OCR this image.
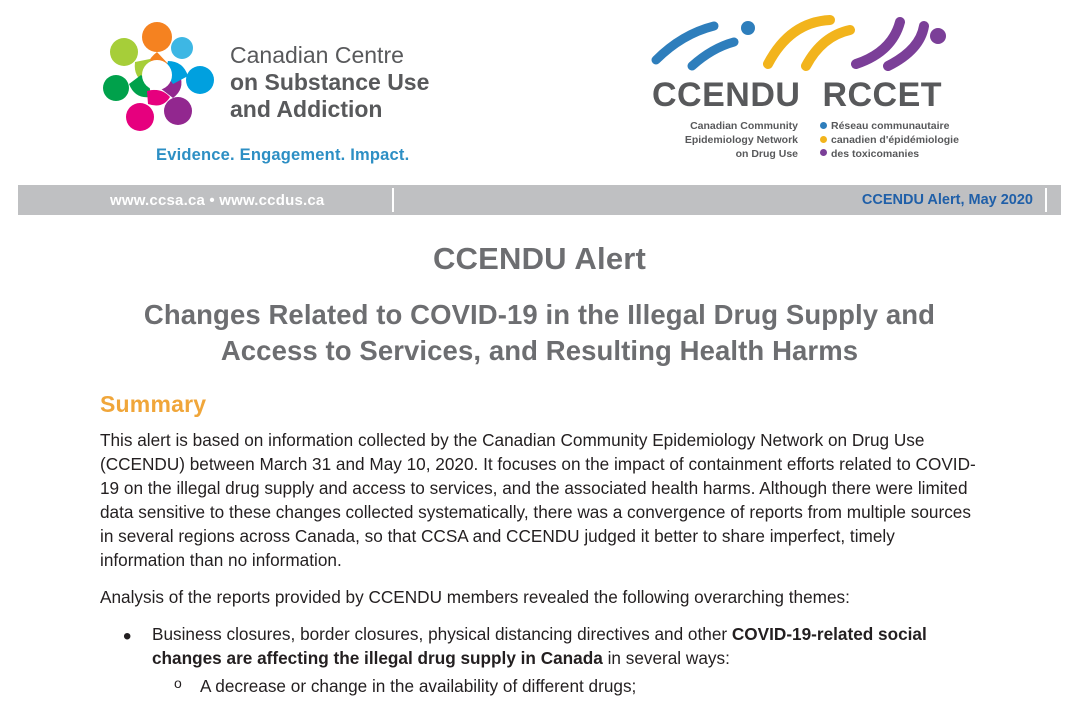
Canadian Centre
on Substance Use
and Addiction
Evidence. Engagement. Impact.
CCENDU RCCET
Canadian Community
Epidemiology Network
on Drug Use
Réseau communautaire
canadien d'épidémiologie
des toxicomanies
www.ccsa.ca • www.ccdus.ca	CCENDU Alert, May 2020
CCENDU Alert
Changes Related to COVID-19 in the Illegal Drug Supply and
Access to Services, and Resulting Health Harms
Summary

This alert is based on information collected by the Canadian Community Epidemiology Network on Drug Use (CCENDU) between March 31 and May 10, 2020. It focuses on the impact of containment efforts related to COVID-19 on the illegal drug supply and access to services, and the associated health harms. Although there were limited data sensitive to these changes collected systematically, there was a convergence of reports from multiple sources in several regions across Canada, so that CCSA and CCENDU judged it better to share imperfect, timely information than no information.

Analysis of the reports provided by CCENDU members revealed the following overarching themes:

• Business closures, border closures, physical distancing directives and other COVID-19-related social changes are affecting the illegal drug supply in Canada in several ways:
o A decrease or change in the availability of different drugs;
